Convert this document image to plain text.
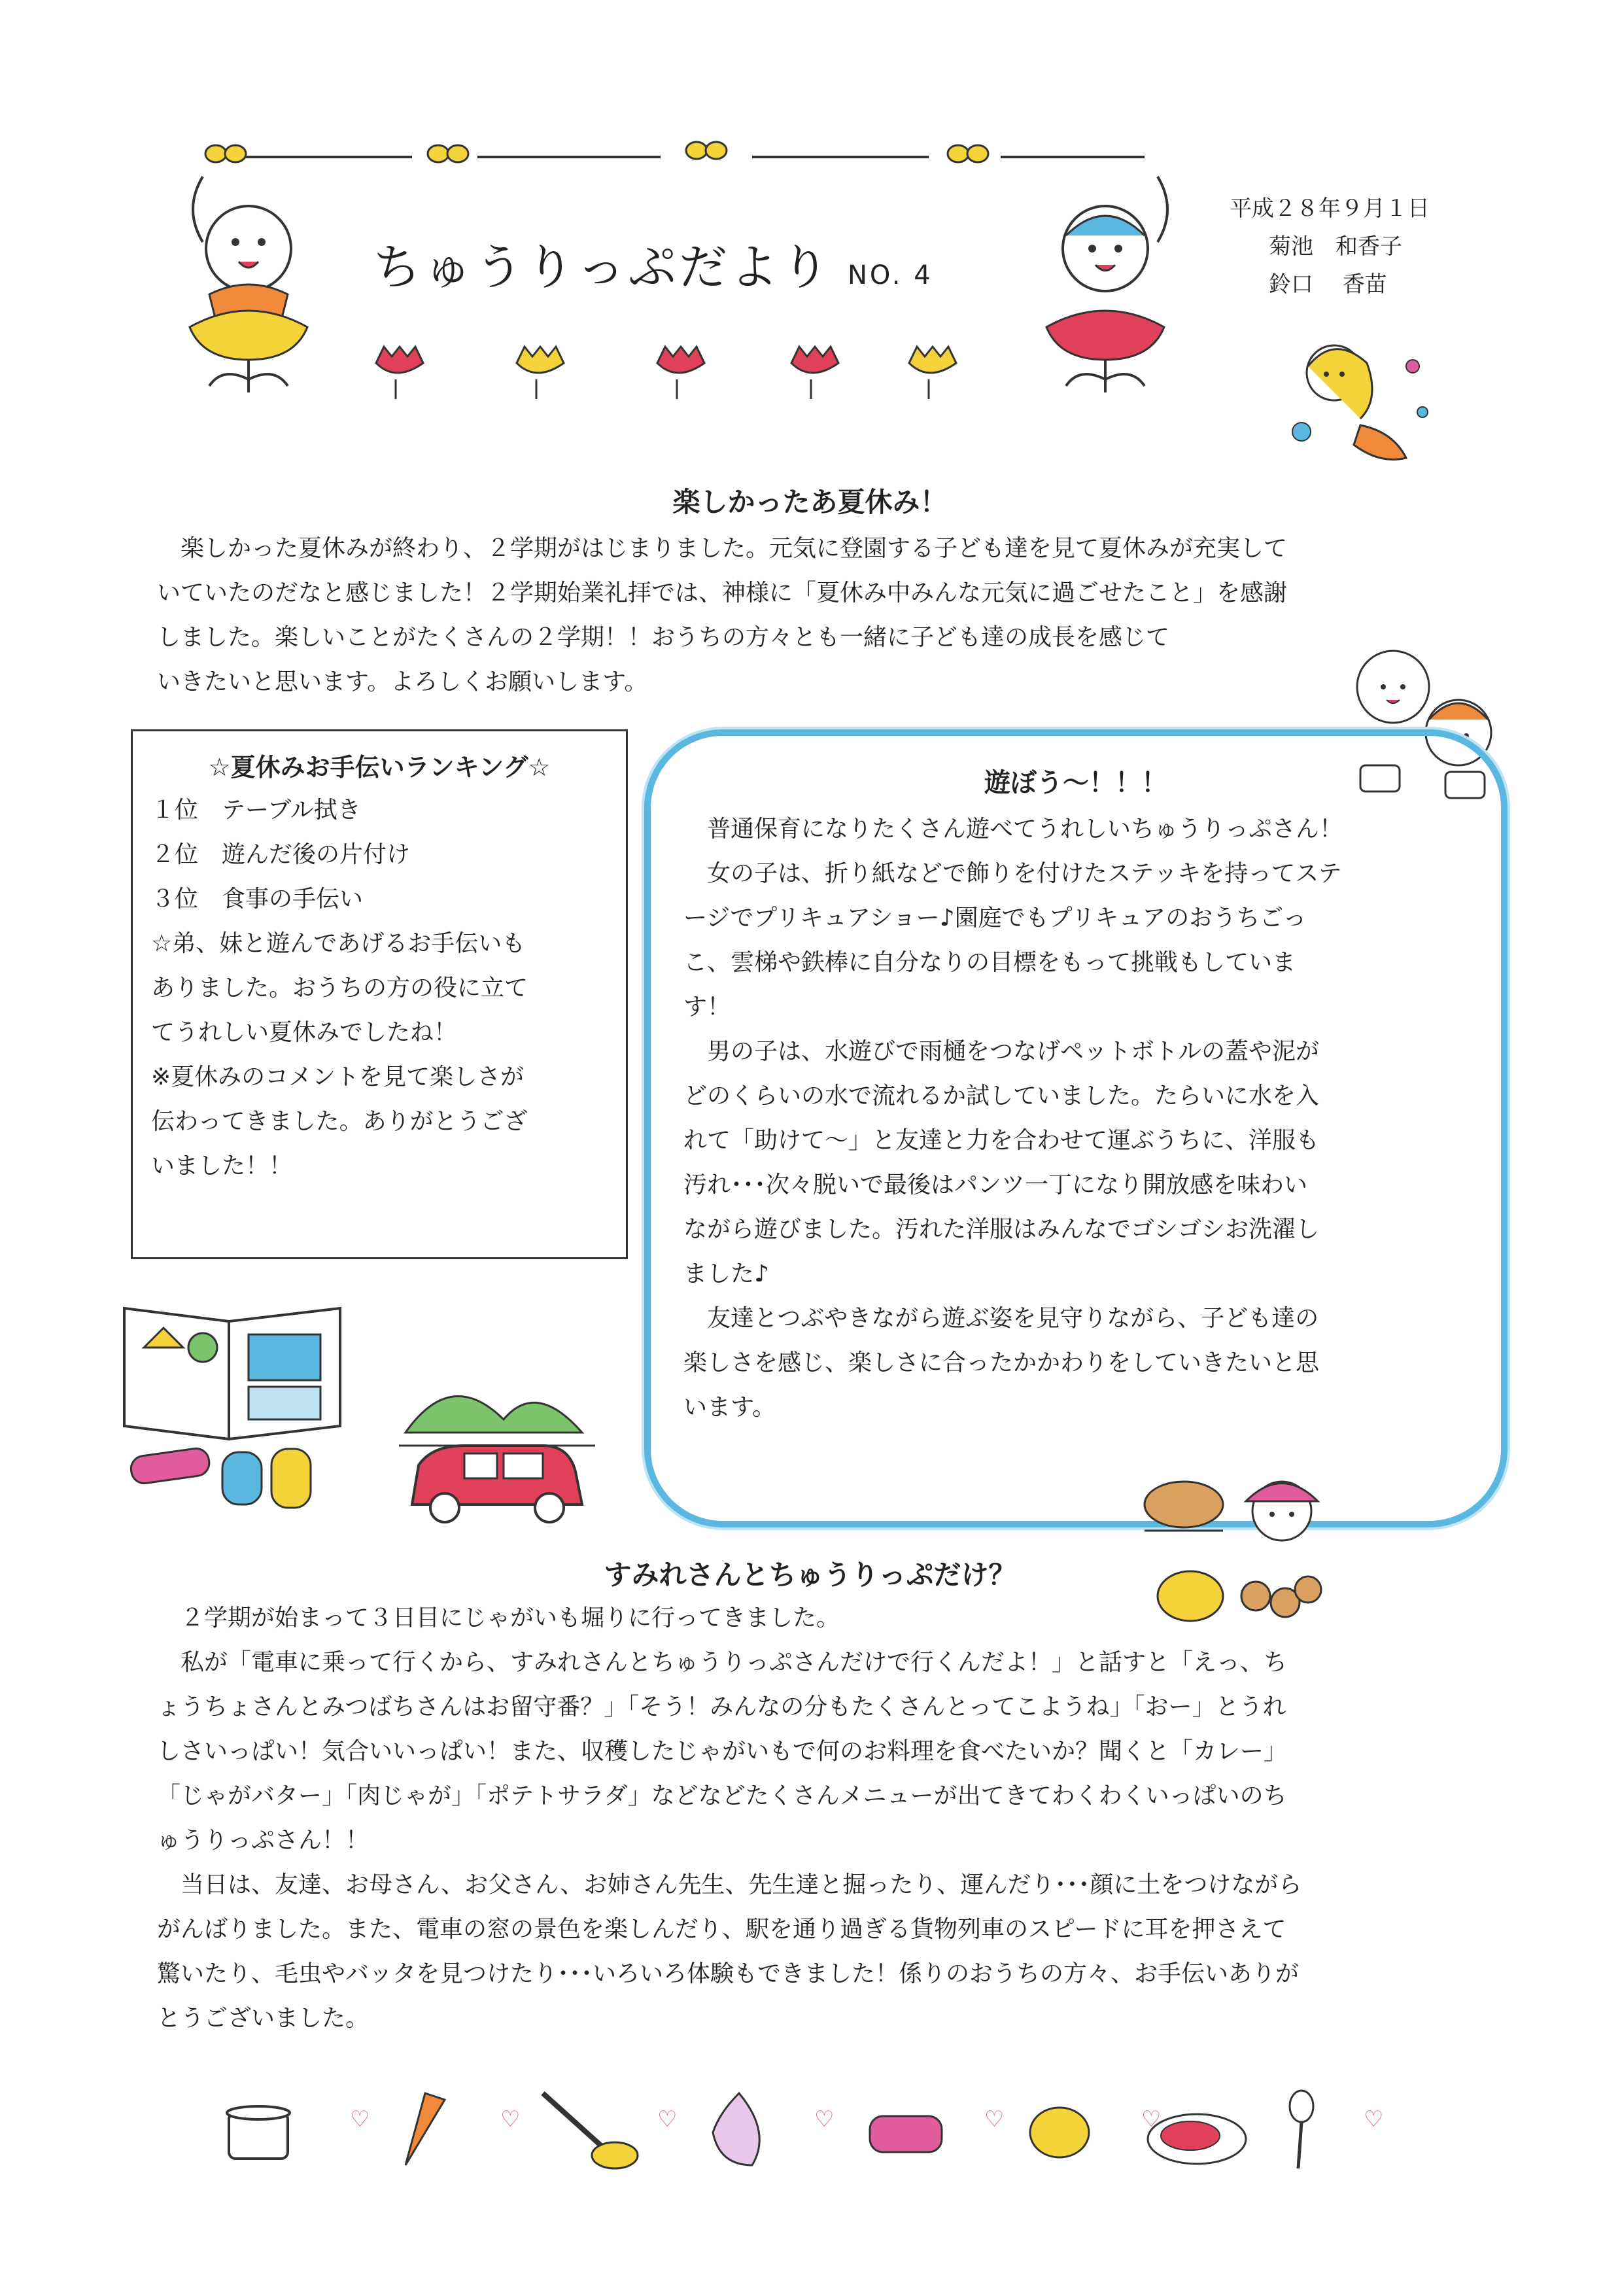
ちゅうりっぷだより NO. 4
平成２８年９月１日
菊池　和香子
鈴口　 香苗
楽しかったあ夏休み！
楽しかった夏休みが終わり、２学期がはじまりました。元気に登園する子ども達を見て夏休みが充実して
いていたのだなと感じました！２学期始業礼拝では、神様に「夏休み中みんな元気に過ごせたこと」を感謝
しました。楽しいことがたくさんの２学期！！おうちの方々とも一緒に子ども達の成長を感じて
いきたいと思います。よろしくお願いします。
☆夏休みお手伝いランキング☆
１位　テーブル拭き
２位　遊んだ後の片付け
３位　食事の手伝い
☆弟、妹と遊んであげるお手伝いも
ありました。おうちの方の役に立て
てうれしい夏休みでしたね！
※夏休みのコメントを見て楽しさが
伝わってきました。ありがとうござ
いました！！
遊ぼう～！！！
　普通保育になりたくさん遊べてうれしいちゅうりっぷさん！
　女の子は、折り紙などで飾りを付けたステッキを持ってステ
ージでプリキュアショー♪園庭でもプリキュアのおうちごっ
こ、雲梯や鉄棒に自分なりの目標をもって挑戦もしていま
す！
　男の子は、水遊びで雨樋をつなげペットボトルの蓋や泥が
どのくらいの水で流れるか試していました。たらいに水を入
れて「助けて～」と友達と力を合わせて運ぶうちに、洋服も
汚れ･･･次々脱いで最後はパンツ一丁になり開放感を味わい
ながら遊びました。汚れた洋服はみんなでゴシゴシお洗濯し
ました♪
　友達とつぶやきながら遊ぶ姿を見守りながら、子ども達の
楽しさを感じ、楽しさに合ったかかわりをしていきたいと思
います。
すみれさんとちゅうりっぷだけ？
　２学期が始まって３日目にじゃがいも堀りに行ってきました。
　私が「電車に乗って行くから、すみれさんとちゅうりっぷさんだけで行くんだよ！」と話すと「えっ、ち
ょうちょさんとみつばちさんはお留守番？」「そう！みんなの分もたくさんとってこようね」「おー」とうれ
しさいっぱい！気合いいっぱい！また、収穫したじゃがいもで何のお料理を食べたいか？聞くと「カレー」
「じゃがバター」「肉じゃが」「ポテトサラダ」などなどたくさんメニューが出てきてわくわくいっぱいのち
ゅうりっぷさん！！
　当日は、友達、お母さん、お父さん、お姉さん先生、先生達と掘ったり、運んだり･･･顔に土をつけながら
がんばりました。また、電車の窓の景色を楽しんだり、駅を通り過ぎる貨物列車のスピードに耳を押さえて
驚いたり、毛虫やバッタを見つけたり･･･いろいろ体験もできました！係りのおうちの方々、お手伝いありが
とうございました。
♡	♡	♡	♡	♡	♡	♡
